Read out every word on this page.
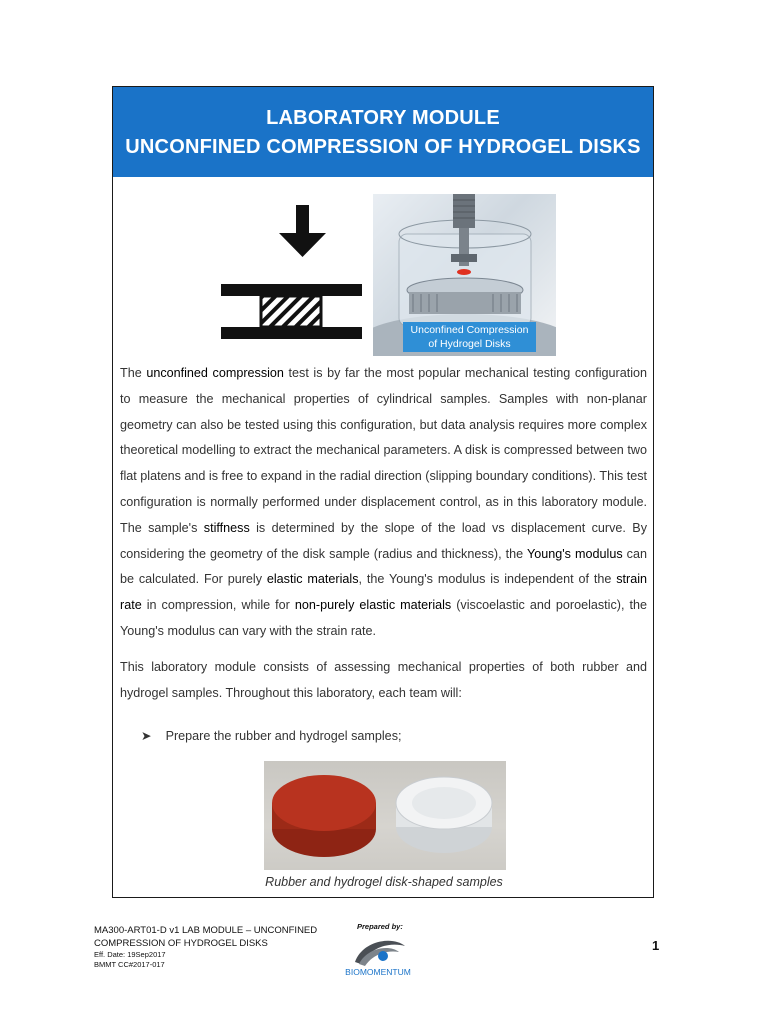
LABORATORY MODULE
UNCONFINED COMPRESSION OF HYDROGEL DISKS
Unconfined Compression
of Hydrogel Disks

The unconfined compression test is by far the most popular mechanical testing configuration to measure the mechanical properties of cylindrical samples. Samples with non-planar geometry can also be tested using this configuration, but data analysis requires more complex theoretical modelling to extract the mechanical parameters. A disk is compressed between two flat platens and is free to expand in the radial direction (slipping boundary conditions). This test configuration is normally performed under displacement control, as in this laboratory module. The sample's stiffness is determined by the slope of the load vs displacement curve. By considering the geometry of the disk sample (radius and thickness), the Young's modulus can be calculated. For purely elastic materials, the Young's modulus is independent of the strain rate in compression, while for non-purely elastic materials (viscoelastic and poroelastic), the Young's modulus can vary with the strain rate.

This laboratory module consists of assessing mechanical properties of both rubber and hydrogel samples. Throughout this laboratory, each team will:

➤ Prepare the rubber and hydrogel samples;
Rubber and hydrogel disk-shaped samples
MA300-ART01-D v1 LAB MODULE – UNCONFINED
COMPRESSION OF HYDROGEL DISKS
Eff. Date: 19Sep2017
BMMT CC#2017-017
Prepared by:
BIOMOMENTUM
1
